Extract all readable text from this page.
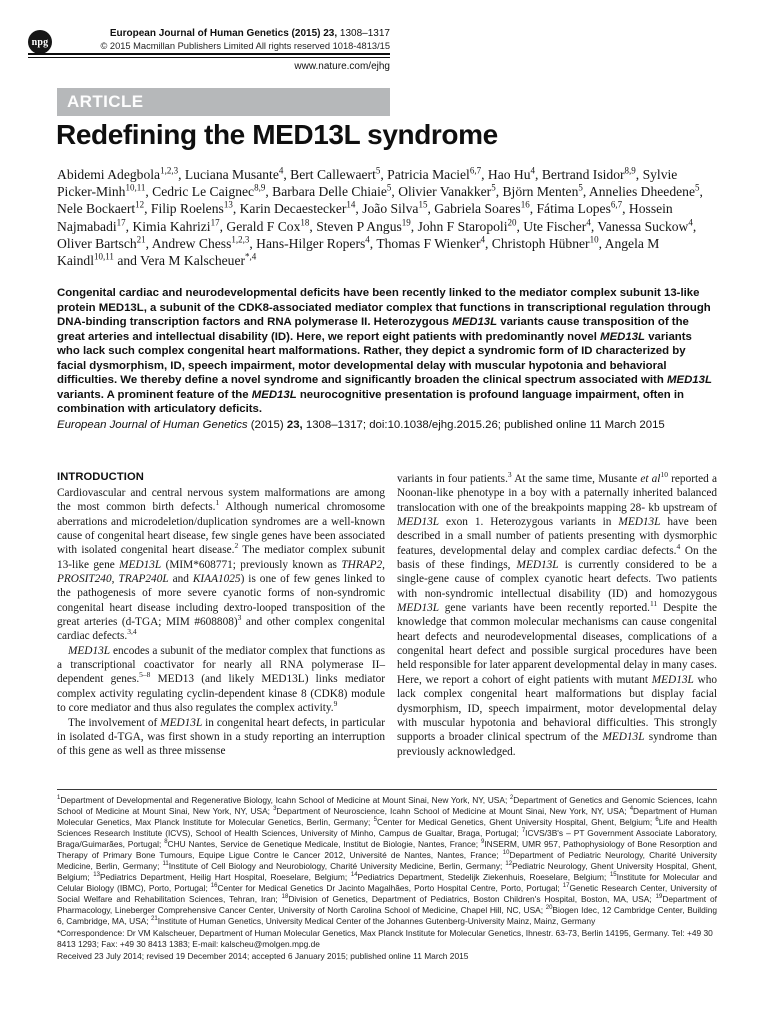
npg
European Journal of Human Genetics (2015) 23, 1308–1317
© 2015 Macmillan Publishers Limited All rights reserved 1018-4813/15
www.nature.com/ejhg
ARTICLE
Redefining the MED13L syndrome
Abidemi Adegbola$^{1,2,3}$, Luciana Musante$^4$, Bert Callewaert$^5$, Patricia Maciel$^{6,7}$, Hao Hu$^4$, Bertrand Isidor$^{8,9}$, Sylvie Picker-Minh$^{10,11}$, Cedric Le Caignec$^{8,9}$, Barbara Delle Chiaie$^5$, Olivier Vanakker$^5$, Björn Menten$^5$, Annelies Dheedene$^5$, Nele Bockaert$^{12}$, Filip Roelens$^{13}$, Karin Decaestecker$^{14}$, João Silva$^{15}$, Gabriela Soares$^{16}$, Fátima Lopes$^{6,7}$, Hossein Najmabadi$^{17}$, Kimia Kahrizi$^{17}$, Gerald F Cox$^{18}$, Steven P Angus$^{19}$, John F Staropoli$^{20}$, Ute Fischer$^4$, Vanessa Suckow$^4$, Oliver Bartsch$^{21}$, Andrew Chess$^{1,2,3}$, Hans-Hilger Ropers$^4$, Thomas F Wienker$^4$, Christoph Hübner$^{10}$, Angela M Kaindl$^{10,11}$ and Vera M Kalscheuer$^{*,4}$
Congenital cardiac and neurodevelopmental deficits have been recently linked to the mediator complex subunit 13-like protein MED13L, a subunit of the CDK8-associated mediator complex that functions in transcriptional regulation through DNA-binding transcription factors and RNA polymerase II. Heterozygous MED13L variants cause transposition of the great arteries and intellectual disability (ID). Here, we report eight patients with predominantly novel MED13L variants who lack such complex congenital heart malformations. Rather, they depict a syndromic form of ID characterized by facial dysmorphism, ID, speech impairment, motor developmental delay with muscular hypotonia and behavioral difficulties. We thereby define a novel syndrome and significantly broaden the clinical spectrum associated with MED13L variants. A prominent feature of the MED13L neurocognitive presentation is profound language impairment, often in combination with articulatory deficits.
European Journal of Human Genetics (2015) 23, 1308–1317; doi:10.1038/ejhg.2015.26; published online 11 March 2015
INTRODUCTION

Cardiovascular and central nervous system malformations are among the most common birth defects.$^1$ Although numerical chromosome aberrations and microdeletion/duplication syndromes are a well-known cause of congenital heart disease, few single genes have been associated with isolated congenital heart disease.$^2$ The mediator complex subunit 13-like gene MED13L (MIM*608771; previously known as THRAP2, PROSIT240, TRAP240L and KIAA1025) is one of few genes linked to the pathogenesis of more severe cyanotic forms of non-syndromic congenital heart disease including dextro-looped transposition of the great arteries (d-TGA; MIM #608808)$^3$ and other complex congenital cardiac defects.$^{3,4}$

MED13L encodes a subunit of the mediator complex that functions as a transcriptional coactivator for nearly all RNA polymerase II–dependent genes.$^{5-8}$ MED13 (and likely MED13L) links mediator complex activity regulating cyclin-dependent kinase 8 (CDK8) module to core mediator and thus also regulates the complex activity.$^9$

The involvement of MED13L in congenital heart defects, in particular in isolated d-TGA, was first shown in a study reporting an interruption of this gene as well as three missense

variants in four patients.$^3$ At the same time, Musante et $al^{10}$ reported a Noonan-like phenotype in a boy with a paternally inherited balanced translocation with one of the breakpoints mapping 28- kb upstream of MED13L exon 1. Heterozygous variants in MED13L have been described in a small number of patients presenting with dysmorphic features, developmental delay and complex cardiac defects.$^4$ On the basis of these findings, MED13L is currently considered to be a single-gene cause of complex cyanotic heart defects. Two patients with non-syndromic intellectual disability (ID) and homozygous MED13L gene variants have been recently reported.$^{11}$ Despite the knowledge that common molecular mechanisms can cause congenital heart defects and neurodevelopmental diseases, complications of a congenital heart defect and possible surgical procedures have been held responsible for later apparent developmental delay in many cases. Here, we report a cohort of eight patients with mutant MED13L who lack complex congenital heart malformations but display facial dysmorphism, ID, speech impairment, motor developmental delay with muscular hypotonia and behavioral difficulties. This strongly supports a broader clinical spectrum of the MED13L syndrome than previously acknowledged.

$^1$Department of Developmental and Regenerative Biology, Icahn School of Medicine at Mount Sinai, New York, NY, USA; $^2$Department of Genetics and Genomic Sciences, Icahn School of Medicine at Mount Sinai, New York, NY, USA; $^3$Department of Neuroscience, Icahn School of Medicine at Mount Sinai, New York, NY, USA; $^4$Department of Human Molecular Genetics, Max Planck Institute for Molecular Genetics, Berlin, Germany; $^5$Center for Medical Genetics, Ghent University Hospital, Ghent, Belgium; $^6$Life and Health Sciences Research Institute (ICVS), School of Health Sciences, University of Minho, Campus de Gualtar, Braga, Portugal; $^7$ICVS/3B's – PT Government Associate Laboratory, Braga/Guimarães, Portugal; $^8$CHU Nantes, Service de Genetique Medicale, Institut de Biologie, Nantes, France; $^9$INSERM, UMR 957, Pathophysiology of Bone Resorption and Therapy of Primary Bone Tumours, Equipe Ligue Contre le Cancer 2012, Université de Nantes, Nantes, France; $^{10}$Department of Pediatric Neurology, Charité University Medicine, Berlin, Germany; $^{11}$Institute of Cell Biology and Neurobiology, Charité University Medicine, Berlin, Germany; $^{12}$Pediatric Neurology, Ghent University Hospital, Ghent, Belgium; $^{13}$Pediatrics Department, Heilig Hart Hospital, Roeselare, Belgium; $^{14}$Pediatrics Department, Stedelijk Ziekenhuis, Roeselare, Belgium; $^{15}$Institute for Molecular and Celular Biology (IBMC), Porto, Portugal; $^{16}$Center for Medical Genetics Dr Jacinto Magalhães, Porto Hospital Centre, Porto, Portugal; $^{17}$Genetic Research Center, University of Social Welfare and Rehabilitation Sciences, Tehran, Iran; $^{18}$Division of Genetics, Department of Pediatrics, Boston Children's Hospital, Boston, MA, USA; $^{19}$Department of Pharmacology, Lineberger Comprehensive Cancer Center, University of North Carolina School of Medicine, Chapel Hill, NC, USA; $^{20}$Biogen Idec, 12 Cambridge Center, Building 6, Cambridge, MA, USA; $^{21}$Institute of Human Genetics, University Medical Center of the Johannes Gutenberg-University Mainz, Mainz, Germany
*Correspondence: Dr VM Kalscheuer, Department of Human Molecular Genetics, Max Planck Institute for Molecular Genetics, Ihnestr. 63-73, Berlin 14195, Germany. Tel: +49 30 8413 1293; Fax: +49 30 8413 1383; E-mail: kalscheu@molgen.mpg.de
Received 23 July 2014; revised 19 December 2014; accepted 6 January 2015; published online 11 March 2015
